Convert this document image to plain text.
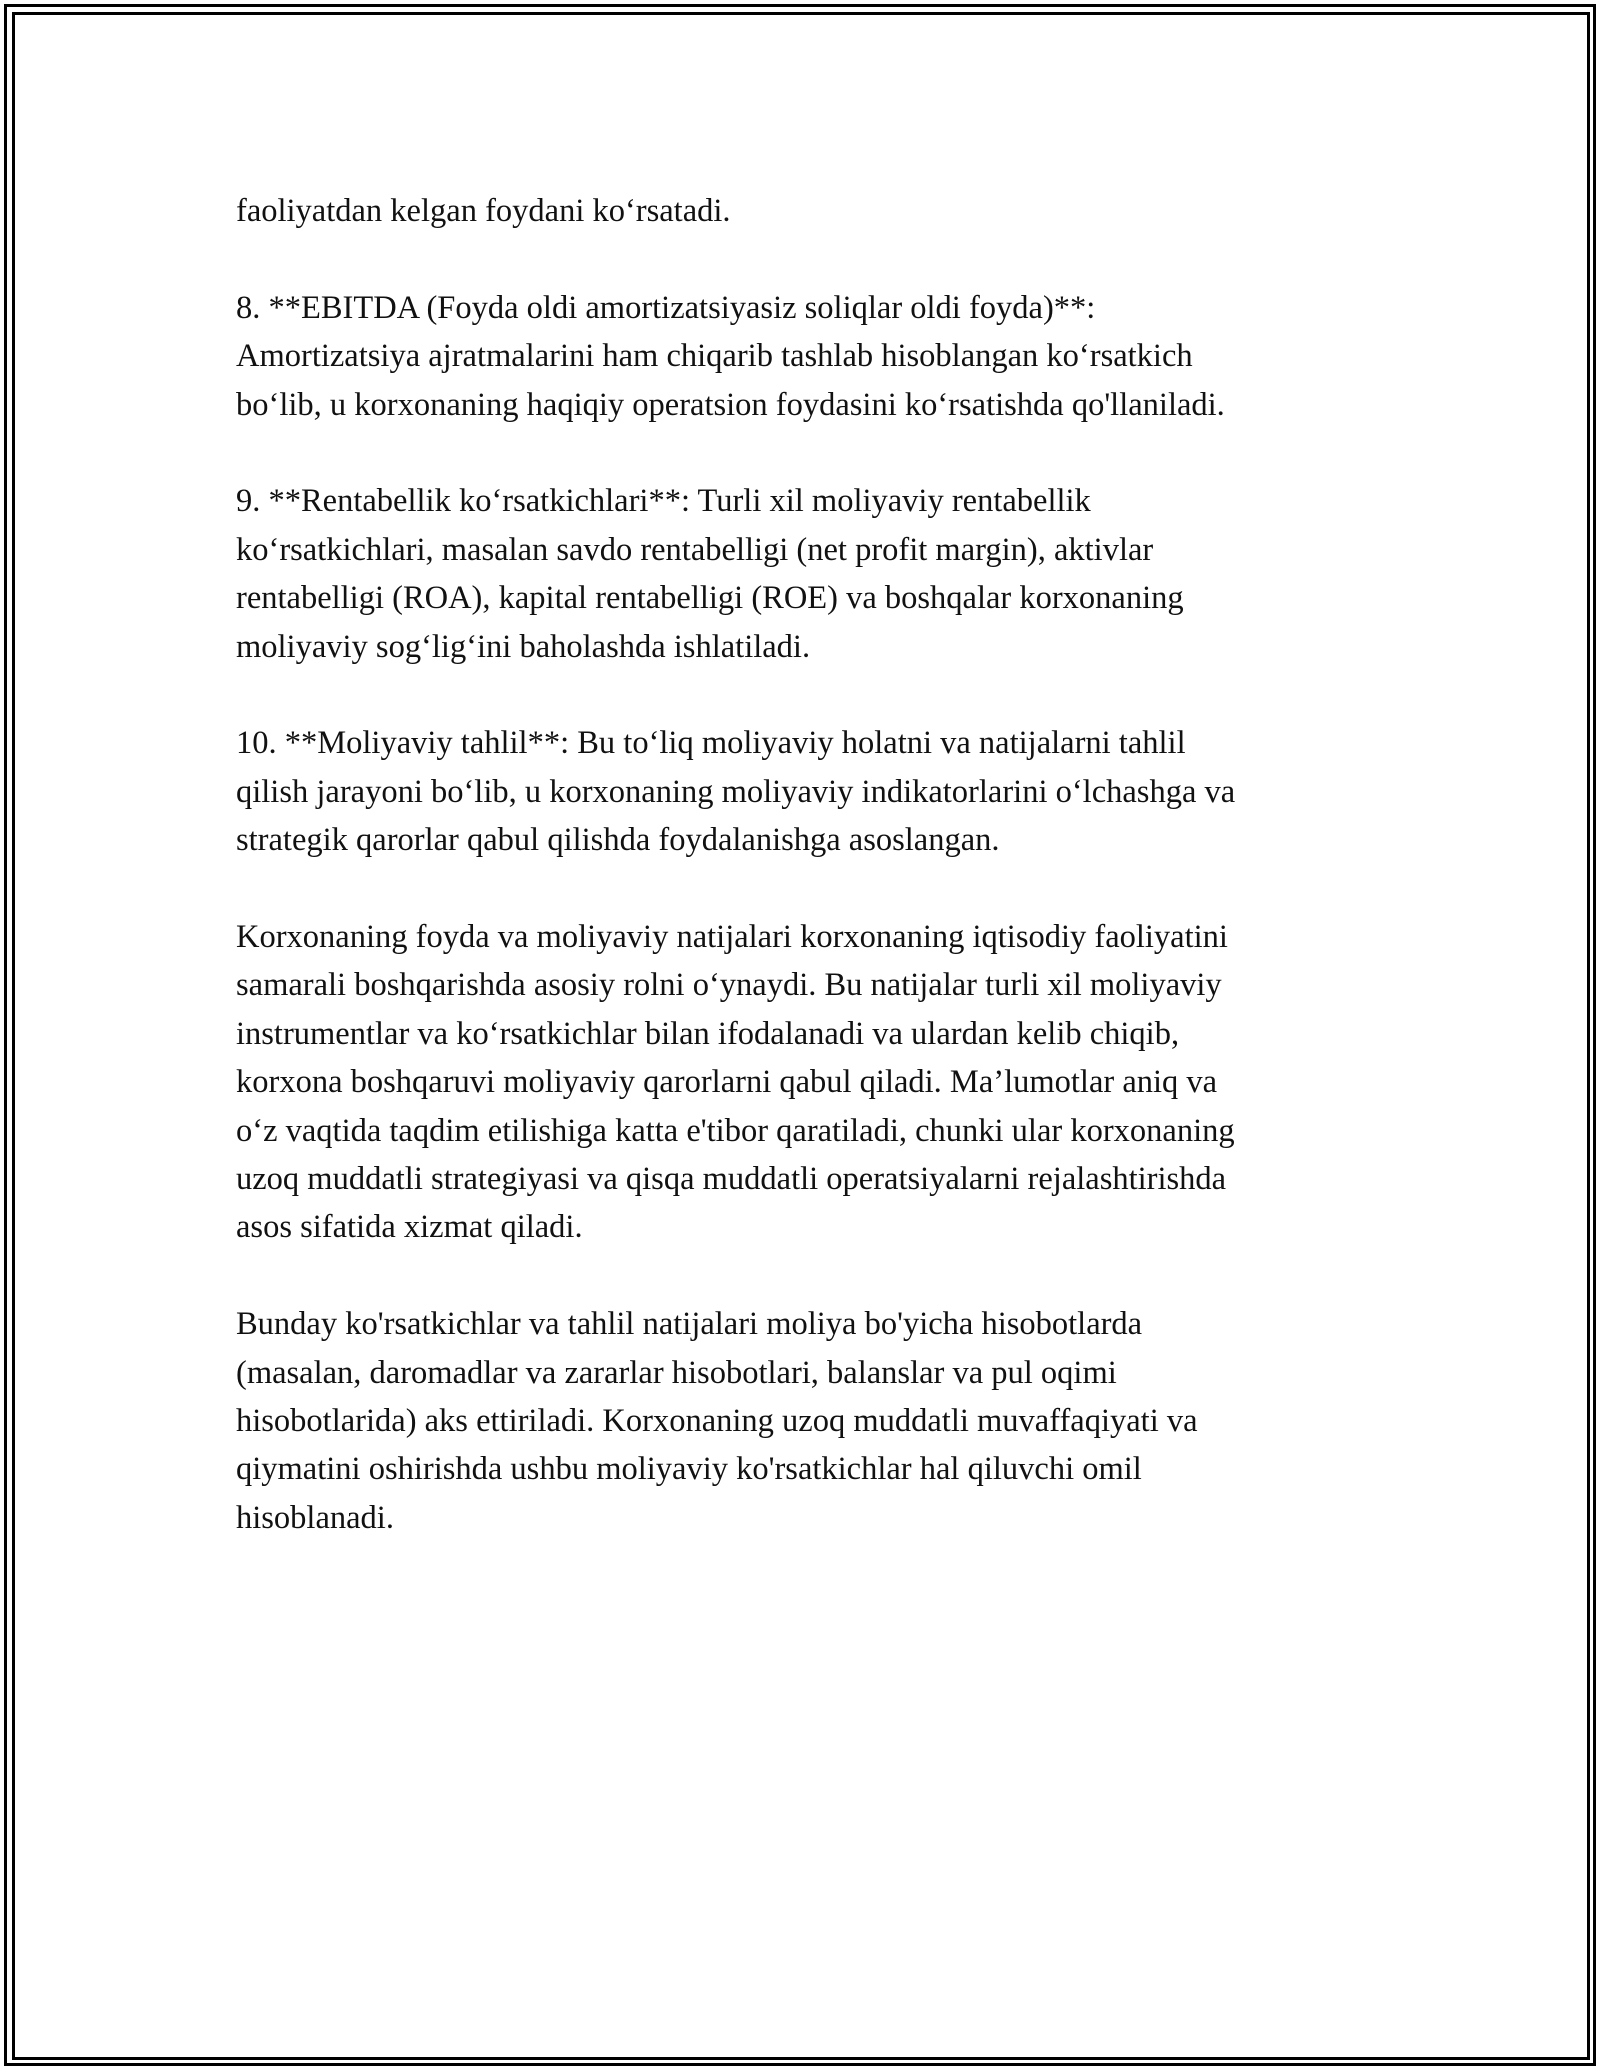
faoliyatdan kelgan foydani ko‘rsatadi.

8. **EBITDA (Foyda oldi amortizatsiyasiz soliqlar oldi foyda)**:
Amortizatsiya ajratmalarini ham chiqarib tashlab hisoblangan ko‘rsatkich
bo‘lib, u korxonaning haqiqiy operatsion foydasini ko‘rsatishda qo'llaniladi.

9. **Rentabellik ko‘rsatkichlari**: Turli xil moliyaviy rentabellik
ko‘rsatkichlari, masalan savdo rentabelligi (net profit margin), aktivlar
rentabelligi (ROA), kapital rentabelligi (ROE) va boshqalar korxonaning
moliyaviy sog‘lig‘ini baholashda ishlatiladi.

10. **Moliyaviy tahlil**: Bu to‘liq moliyaviy holatni va natijalarni tahlil
qilish jarayoni bo‘lib, u korxonaning moliyaviy indikatorlarini o‘lchashga va
strategik qarorlar qabul qilishda foydalanishga asoslangan.

Korxonaning foyda va moliyaviy natijalari korxonaning iqtisodiy faoliyatini
samarali boshqarishda asosiy rolni o‘ynaydi. Bu natijalar turli xil moliyaviy
instrumentlar va ko‘rsatkichlar bilan ifodalanadi va ulardan kelib chiqib,
korxona boshqaruvi moliyaviy qarorlarni qabul qiladi. Ma’lumotlar aniq va
o‘z vaqtida taqdim etilishiga katta e'tibor qaratiladi, chunki ular korxonaning
uzoq muddatli strategiyasi va qisqa muddatli operatsiyalarni rejalashtirishda
asos sifatida xizmat qiladi.

Bunday ko'rsatkichlar va tahlil natijalari moliya bo'yicha hisobotlarda
(masalan, daromadlar va zararlar hisobotlari, balanslar va pul oqimi
hisobotlarida) aks ettiriladi. Korxonaning uzoq muddatli muvaffaqiyati va
qiymatini oshirishda ushbu moliyaviy ko'rsatkichlar hal qiluvchi omil
hisoblanadi.
